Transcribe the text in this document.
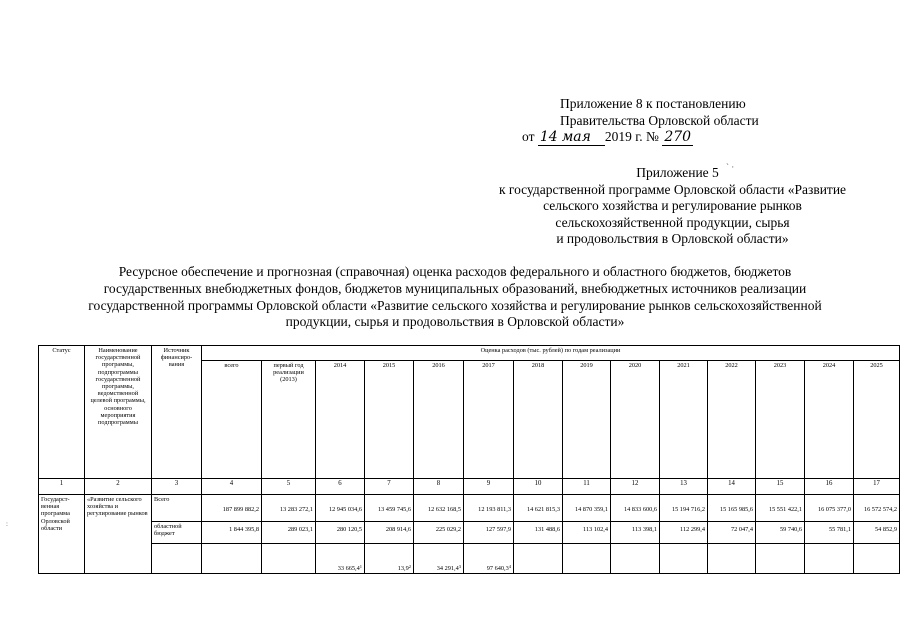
Приложение 8 к постановлению
Правительства Орловской области
от 14 мая 2019 г. № 270
` ·
Приложение 5
к государственной программе Орловской области «Развитие
сельского хозяйства и регулирование рынков
сельскохозяйственной продукции, сырья
и продовольствия в Орловской области»
Ресурсное обеспечение и прогнозная (справочная) оценка расходов федерального и областного бюджетов, бюджетов
государственных внебюджетных фондов, бюджетов муниципальных образований, внебюджетных источников реализации
государственной программы Орловской области «Развитие сельского хозяйства и регулирование рынков сельскохозяйственной
продукции, сырья и продовольствия в Орловской области»
:
Статус	Наименование государственной программы, подпрограммы государственной программы, ведомственной целевой программы, основного мероприятия подпрограммы	Источник финансиро-вания	Оценка расходов (тыс. рублей) по годам реализации													
			всего	первый год реализации (2013)	2014	2015	2016	2017	2018	2019	2020	2021	2022	2023	2024	2025
1	2	3	4	5	6	7	8	9	10	11	12	13	14	15	16	17
Государст-венная программа Орловской области	«Развитие сельского хозяйства и регулирование рынков	Всего	187 899 882,2	13 283 272,1	12 945 034,6	13 459 745,6	12 632 168,5	12 193 811,3	14 621 815,3	14 870 359,1	14 833 600,6	15 194 716,2	15 165 985,6	15 551 422,1	16 075 377,0	16 572 574,2
		областной бюджет	1 844 395,8	289 023,1	280 120,5	208 914,6	225 029,2	127 597,9	131 488,6	113 102,4	113 398,1	112 299,4	72 047,4	59 740,6	55 781,1	54 852,9
					33 665,4$^1$	13,9$^2$	34 291,4$^3$	97 640,3$^4$								
